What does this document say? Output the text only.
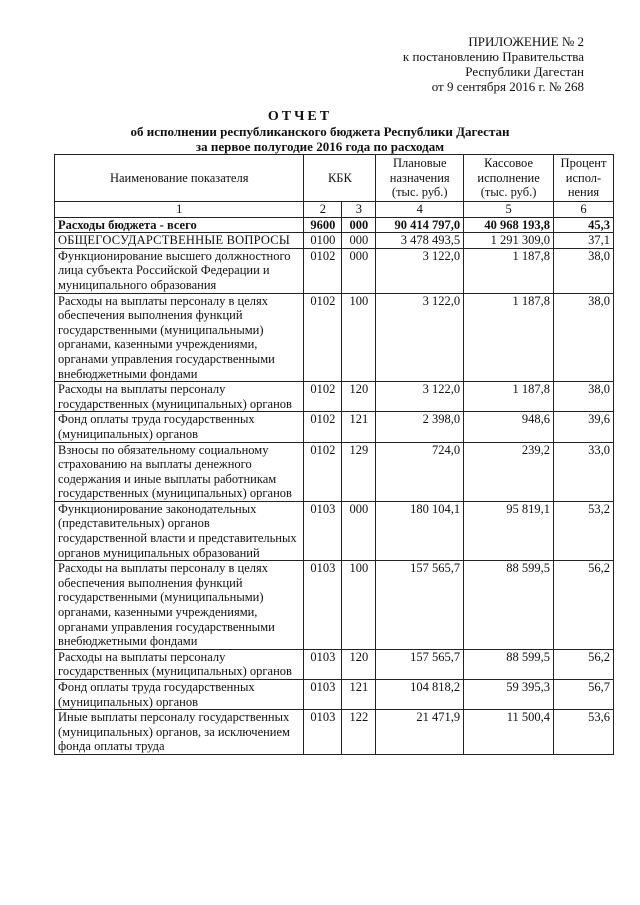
ПРИЛОЖЕНИЕ № 2
к постановлению Правительства
Республики Дагестан
от 9 сентября 2016 г. № 268
ОТЧЕТ
об исполнении республиканского бюджета Республики Дагестан
за первое полугодие 2016 года по расходам
Наименование показателя	КБК		Плановые назначения (тыс. руб.)	Кассовое исполнение (тыс. руб.)	Процент испол-нения
1	2	3	4	5	6
Расходы бюджета - всего	9600	000	90 414 797,0	40 968 193,8	45,3
ОБЩЕГОСУДАРСТВЕННЫЕ ВОПРОСЫ	0100	000	3 478 493,5	1 291 309,0	37,1
Функционирование высшего должностного лица субъекта Российской Федерации и муниципального образования	0102	000	3 122,0	1 187,8	38,0
Расходы на выплаты персоналу в целях обеспечения выполнения функций государственными (муниципальными) органами, казенными учреждениями, органами управления государственными внебюджетными фондами	0102	100	3 122,0	1 187,8	38,0
Расходы на выплаты персоналу государственных (муниципальных) органов	0102	120	3 122,0	1 187,8	38,0
Фонд оплаты труда государственных (муниципальных) органов	0102	121	2 398,0	948,6	39,6
Взносы по обязательному социальному страхованию на выплаты денежного содержания и иные выплаты работникам государственных (муниципальных) органов	0102	129	724,0	239,2	33,0
Функционирование законодательных (представительных) органов государственной власти и представительных органов муниципальных образований	0103	000	180 104,1	95 819,1	53,2
Расходы на выплаты персоналу в целях обеспечения выполнения функций государственными (муниципальными) органами, казенными учреждениями, органами управления государственными внебюджетными фондами	0103	100	157 565,7	88 599,5	56,2
Расходы на выплаты персоналу государственных (муниципальных) органов	0103	120	157 565,7	88 599,5	56,2
Фонд оплаты труда государственных (муниципальных) органов	0103	121	104 818,2	59 395,3	56,7
Иные выплаты персоналу государственных (муниципальных) органов, за исключением фонда оплаты труда	0103	122	21 471,9	11 500,4	53,6
